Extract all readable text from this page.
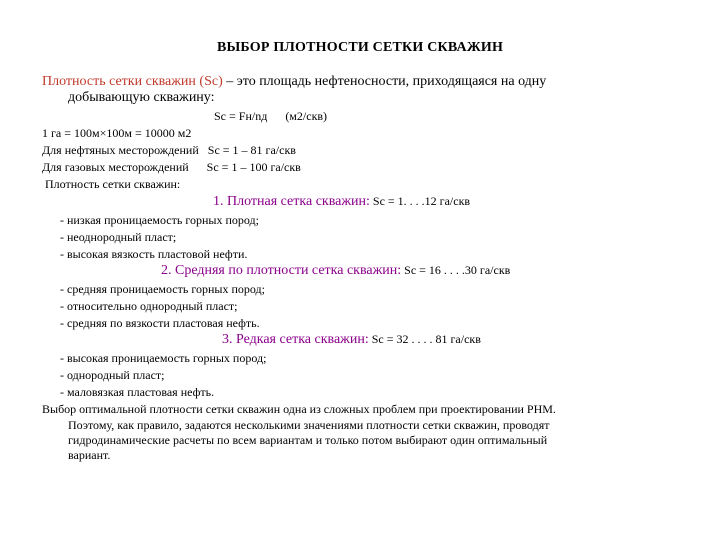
ВЫБОР ПЛОТНОСТИ СЕТКИ СКВАЖИН
Плотность сетки скважин (Sc) – это площадь нефтеносности, приходящаяся на одну
добывающую скважину:
Sc = Fн/nд (м2/скв)
1 га = 100м×100м = 10000 м2
Для нефтяных месторождений Sc = 1 – 81 га/скв
Для газовых месторождений Sc = 1 – 100 га/скв
Плотность сетки скважин:
1. Плотная сетка скважин: Sc = 1. . . .12 га/скв
- низкая проницаемость горных пород;
- неоднородный пласт;
- высокая вязкость пластовой нефти.
2. Средняя по плотности сетка скважин: Sc = 16 . . . .30 га/скв
- средняя проницаемость горных пород;
- относительно однородный пласт;
- средняя по вязкости пластовая нефть.
3. Редкая сетка скважин: Sc = 32 . . . . 81 га/скв
- высокая проницаемость горных пород;
- однородный пласт;
- маловязкая пластовая нефть.
Выбор оптимальной плотности сетки скважин одна из сложных проблем при проектировании РНМ.
Поэтому, как правило, задаются несколькими значениями плотности сетки скважин, проводят
гидродинамические расчеты по всем вариантам и только потом выбирают один оптимальный
вариант.
